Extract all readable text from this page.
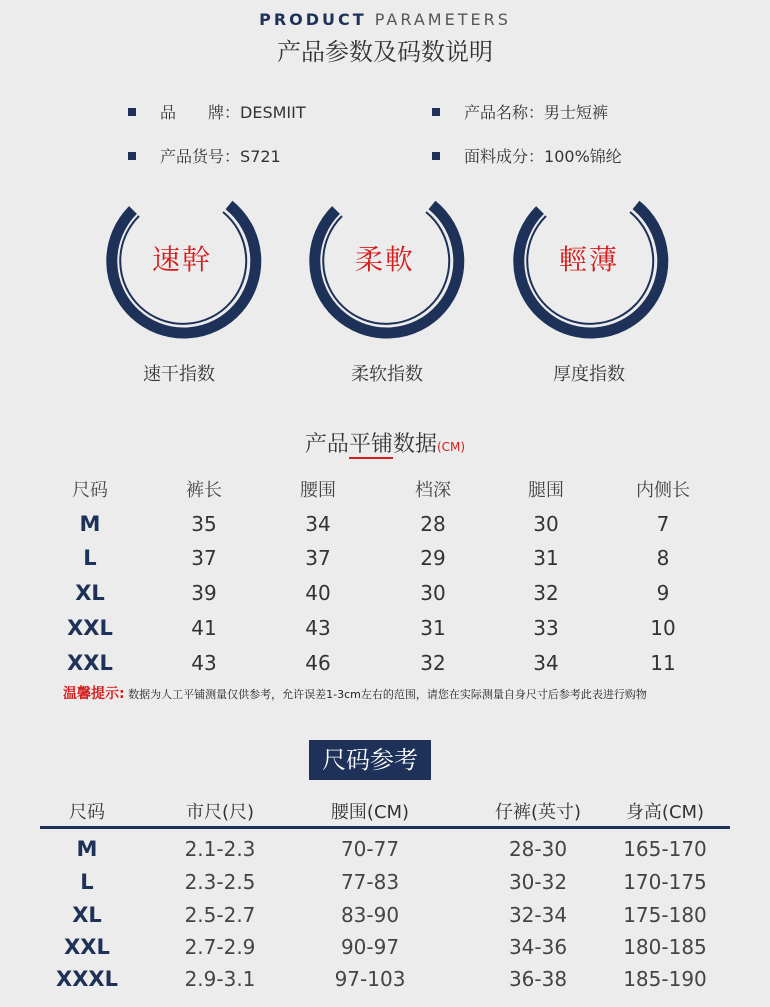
PRODUCT PARAMETERS
产品参数及码数说明
品　　牌：DESMIIT	产品名称：男士短裤
产品货号：S721	面料成分：100%锦纶
速幹	柔軟	輕薄
速干指数	柔软指数	厚度指数
产品平铺数据(CM)
尺码	裤长	腰围	档深	腿围	内侧长
M	35	34	28	30	7
L	37	37	29	31	8
XL	39	40	30	32	9
XXL	41	43	31	33	10
XXL	43	46	32	34	11
温馨提示: 数据为人工平铺测量仅供参考，允许误差1-3cm左右的范围，请您在实际测量自身尺寸后参考此表进行购物
尺码参考
尺码	市尺(尺)	腰围(CM)	仔裤(英寸)	身高(CM)
M	2.1-2.3	70-77	28-30	165-170
L	2.3-2.5	77-83	30-32	170-175
XL	2.5-2.7	83-90	32-34	175-180
XXL	2.7-2.9	90-97	34-36	180-185
XXXL	2.9-3.1	97-103	36-38	185-190
